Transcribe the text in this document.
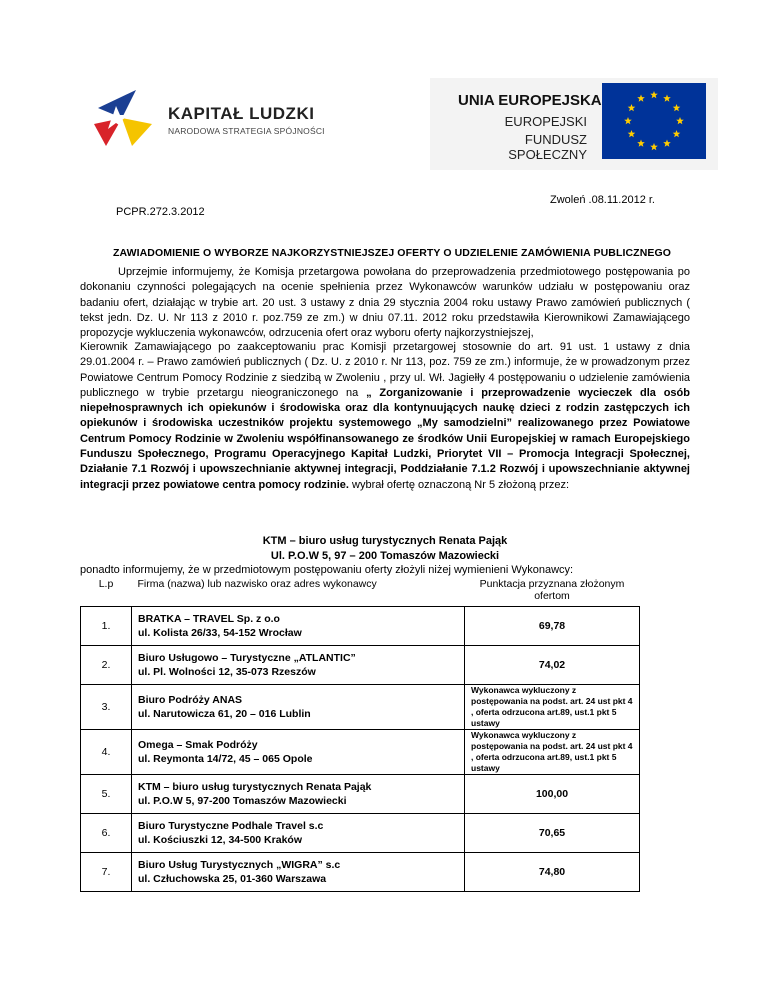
KAPITAŁ LUDZKI
NARODOWA STRATEGIA SPÓJNOŚCI
UNIA EUROPEJSKA
EUROPEJSKI
FUNDUSZ SPOŁECZNY
Zwoleń .08.11.2012 r.
PCPR.272.3.2012
ZAWIADOMIENIE O WYBORZE NAJKORZYSTNIEJSZEJ OFERTY O UDZIELENIE ZAMÓWIENIA PUBLICZNEGO
Uprzejmie informujemy, że Komisja przetargowa powołana do przeprowadzenia przedmiotowego postępowania po dokonaniu czynności polegających na ocenie spełnienia przez Wykonawców warunków udziału w postępowaniu oraz badaniu ofert, działając w trybie art. 20 ust. 3 ustawy z dnia 29 stycznia 2004 roku ustawy Prawo zamówień publicznych ( tekst jedn. Dz. U. Nr 113 z 2010 r. poz.759 ze zm.) w dniu 07.11. 2012 roku przedstawiła Kierownikowi Zamawiającego propozycje wykluczenia wykonawców, odrzucenia ofert oraz wyboru oferty najkorzystniejszej,
Kierownik Zamawiającego po zaakceptowaniu prac Komisji przetargowej stosownie do art. 91 ust. 1 ustawy z dnia 29.01.2004 r. – Prawo zamówień publicznych ( Dz. U. z 2010 r. Nr 113, poz. 759 ze zm.) informuje, że w prowadzonym przez Powiatowe Centrum Pomocy Rodzinie z siedzibą w Zwoleniu , przy ul. Wł. Jagiełły 4 postępowaniu o udzielenie zamówienia publicznego w trybie przetargu nieograniczonego na „ Zorganizowanie i przeprowadzenie wycieczek dla osób niepełnosprawnych ich opiekunów i środowiska oraz dla kontynuujących naukę dzieci z rodzin zastępczych ich opiekunów i środowiska uczestników projektu systemowego „My samodzielni” realizowanego przez Powiatowe Centrum Pomocy Rodzinie w Zwoleniu współfinansowanego ze środków Unii Europejskiej w ramach Europejskiego Funduszu Społecznego, Programu Operacyjnego Kapitał Ludzki, Priorytet VII – Promocja Integracji Społecznej, Działanie 7.1 Rozwój i upowszechnianie aktywnej integracji, Poddziałanie 7.1.2 Rozwój i upowszechnianie aktywnej integracji przez powiatowe centra pomocy rodzinie. wybrał ofertę oznaczoną Nr 5 złożoną przez:
KTM – biuro usług turystycznych Renata Pająk
Ul. P.O.W 5, 97 – 200 Tomaszów Mazowiecki
ponadto informujemy, że w przedmiotowym postępowaniu oferty złożyli niżej wymienieni Wykonawcy:
L.p	Firma (nazwa) lub nazwisko oraz adres wykonawcy	Punktacja przyznana złożonym ofertom
1.	BRATKA – TRAVEL Sp. z o.o
ul. Kolista 26/33, 54-152 Wrocław	69,78
2.	Biuro Usługowo – Turystyczne „ATLANTIC”
ul. Pl. Wolności 12, 35-073 Rzeszów	74,02
3.	Biuro Podróży ANAS
ul. Narutowicza 61, 20 – 016 Lublin	Wykonawca wykluczony z postępowania na podst. art. 24 ust pkt 4 , oferta odrzucona art.89, ust.1 pkt 5 ustawy
4.	Omega – Smak Podróży
ul. Reymonta 14/72, 45 – 065 Opole	Wykonawca wykluczony z postępowania na podst. art. 24 ust pkt 4 , oferta odrzucona art.89, ust.1 pkt 5 ustawy
5.	KTM – biuro usług turystycznych Renata Pająk
ul. P.O.W 5, 97-200 Tomaszów Mazowiecki	100,00
6.	Biuro Turystyczne Podhale Travel s.c
ul. Kościuszki 12, 34-500 Kraków	70,65
7.	Biuro Usług Turystycznych „WIGRA” s.c
ul. Człuchowska 25, 01-360 Warszawa	74,80
